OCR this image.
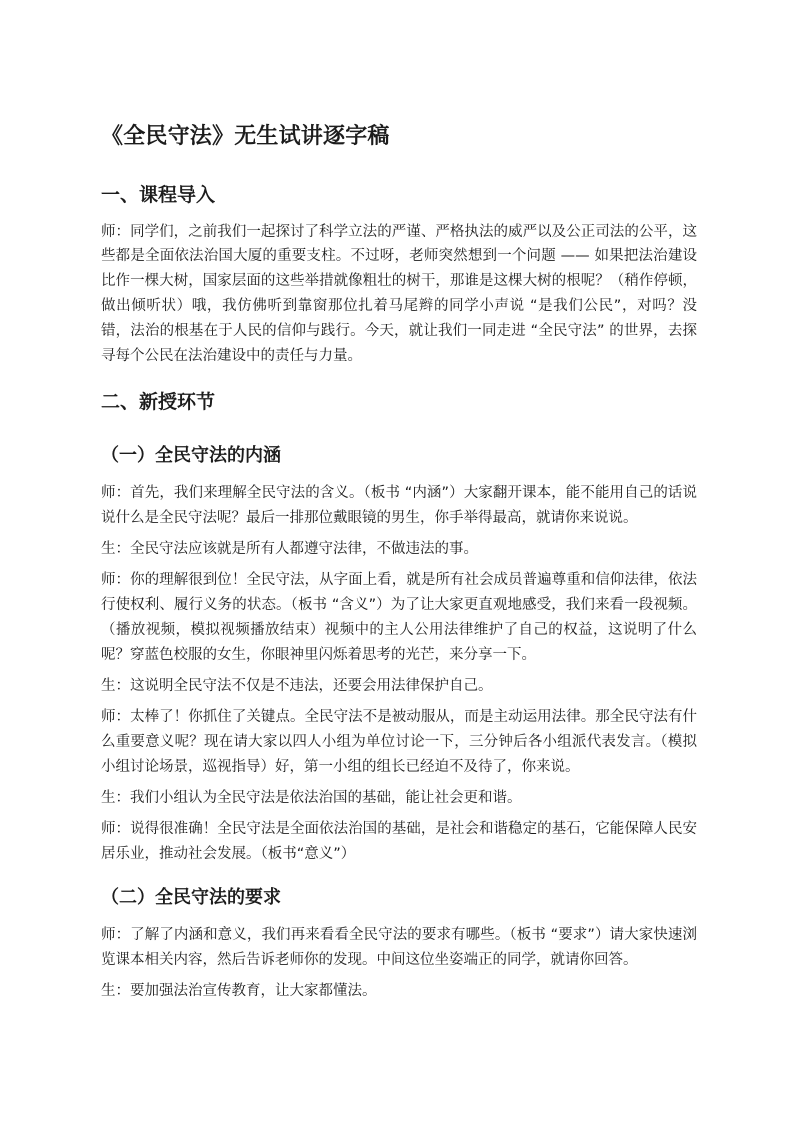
《全民守法》无生试讲逐字稿
一、课程导入

师：同学们，之前我们一起探讨了科学立法的严谨、严格执法的威严以及公正司法的公平，这些都是全面依法治国大厦的重要支柱。不过呀，老师突然想到一个问题 —— 如果把法治建设比作一棵大树，国家层面的这些举措就像粗壮的树干，那谁是这棵大树的根呢？（稍作停顿，做出倾听状）哦，我仿佛听到靠窗那位扎着马尾辫的同学小声说 “是我们公民”，对吗？没错，法治的根基在于人民的信仰与践行。今天，就让我们一同走进 “全民守法” 的世界，去探寻每个公民在法治建设中的责任与力量。

二、新授环节
（一）全民守法的内涵

师：首先，我们来理解全民守法的含义。（板书 “内涵”）大家翻开课本，能不能用自己的话说说什么是全民守法呢？最后一排那位戴眼镜的男生，你手举得最高，就请你来说说。

生：全民守法应该就是所有人都遵守法律，不做违法的事。

师：你的理解很到位！全民守法，从字面上看，就是所有社会成员普遍尊重和信仰法律，依法行使权利、履行义务的状态。（板书 “含义”）为了让大家更直观地感受，我们来看一段视频。（播放视频，模拟视频播放结束）视频中的主人公用法律维护了自己的权益，这说明了什么呢？穿蓝色校服的女生，你眼神里闪烁着思考的光芒，来分享一下。

生：这说明全民守法不仅是不违法，还要会用法律保护自己。

师：太棒了！你抓住了关键点。全民守法不是被动服从，而是主动运用法律。那全民守法有什么重要意义呢？现在请大家以四人小组为单位讨论一下，三分钟后各小组派代表发言。（模拟小组讨论场景，巡视指导）好，第一小组的组长已经迫不及待了，你来说。

生：我们小组认为全民守法是依法治国的基础，能让社会更和谐。

师：说得很准确！全民守法是全面依法治国的基础，是社会和谐稳定的基石，它能保障人民安居乐业，推动社会发展。（板书“意义”）

（二）全民守法的要求

师：了解了内涵和意义，我们再来看看全民守法的要求有哪些。（板书 “要求”）请大家快速浏览课本相关内容，然后告诉老师你的发现。中间这位坐姿端正的同学，就请你回答。

生：要加强法治宣传教育，让大家都懂法。
